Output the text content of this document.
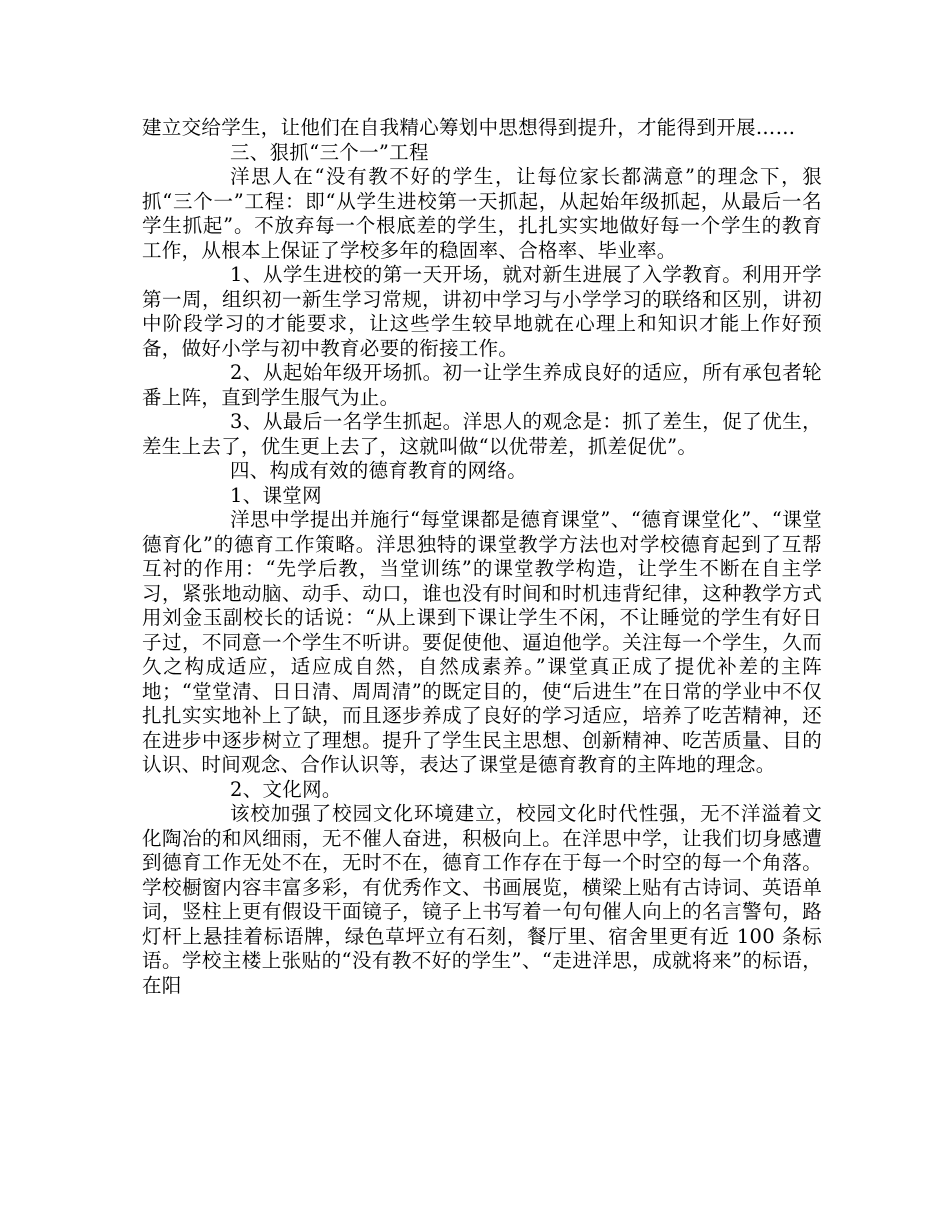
建立交给学生，让他们在自我精心筹划中思想得到提升，才能得到开展……

三、狠抓“三个一”工程

洋思人在“没有教不好的学生，让每位家长都满意”的理念下，狠抓“三个一”工程：即“从学生进校第一天抓起，从起始年级抓起，从最后一名学生抓起”。不放弃每一个根底差的学生，扎扎实实地做好每一个学生的教育工作，从根本上保证了学校多年的稳固率、合格率、毕业率。

1、从学生进校的第一天开场，就对新生进展了入学教育。利用开学第一周，组织初一新生学习常规，讲初中学习与小学学习的联络和区别，讲初中阶段学习的才能要求，让这些学生较早地就在心理上和知识才能上作好预备，做好小学与初中教育必要的衔接工作。

2、从起始年级开场抓。初一让学生养成良好的适应，所有承包者轮番上阵，直到学生服气为止。

3、从最后一名学生抓起。洋思人的观念是：抓了差生，促了优生，差生上去了，优生更上去了，这就叫做“以优带差，抓差促优”。

四、构成有效的德育教育的网络。

1、课堂网

洋思中学提出并施行“每堂课都是德育课堂”、“德育课堂化”、“课堂德育化”的德育工作策略。洋思独特的课堂教学方法也对学校德育起到了互帮互衬的作用：“先学后教，当堂训练”的课堂教学构造，让学生不断在自主学习，紧张地动脑、动手、动口，谁也没有时间和时机违背纪律，这种教学方式用刘金玉副校长的话说：“从上课到下课让学生不闲，不让睡觉的学生有好日子过，不同意一个学生不听讲。要促使他、逼迫他学。关注每一个学生，久而久之构成适应，适应成自然，自然成素养。”课堂真正成了提优补差的主阵地；“堂堂清、日日清、周周清”的既定目的，使“后进生”在日常的学业中不仅扎扎实实地补上了缺，而且逐步养成了良好的学习适应，培养了吃苦精神，还在进步中逐步树立了理想。提升了学生民主思想、创新精神、吃苦质量、目的认识、时间观念、合作认识等，表达了课堂是德育教育的主阵地的理念。

2、文化网。

该校加强了校园文化环境建立，校园文化时代性强，无不洋溢着文化陶冶的和风细雨，无不催人奋进，积极向上。在洋思中学，让我们切身感遭到德育工作无处不在，无时不在，德育工作存在于每一个时空的每一个角落。学校橱窗内容丰富多彩，有优秀作文、书画展览，横梁上贴有古诗词、英语单词，竖柱上更有假设干面镜子，镜子上书写着一句句催人向上的名言警句，路灯杆上悬挂着标语牌，绿色草坪立有石刻，餐厅里、宿舍里更有近 100 条标语。学校主楼上张贴的“没有教不好的学生”、“走进洋思，成就将来”的标语，在阳
